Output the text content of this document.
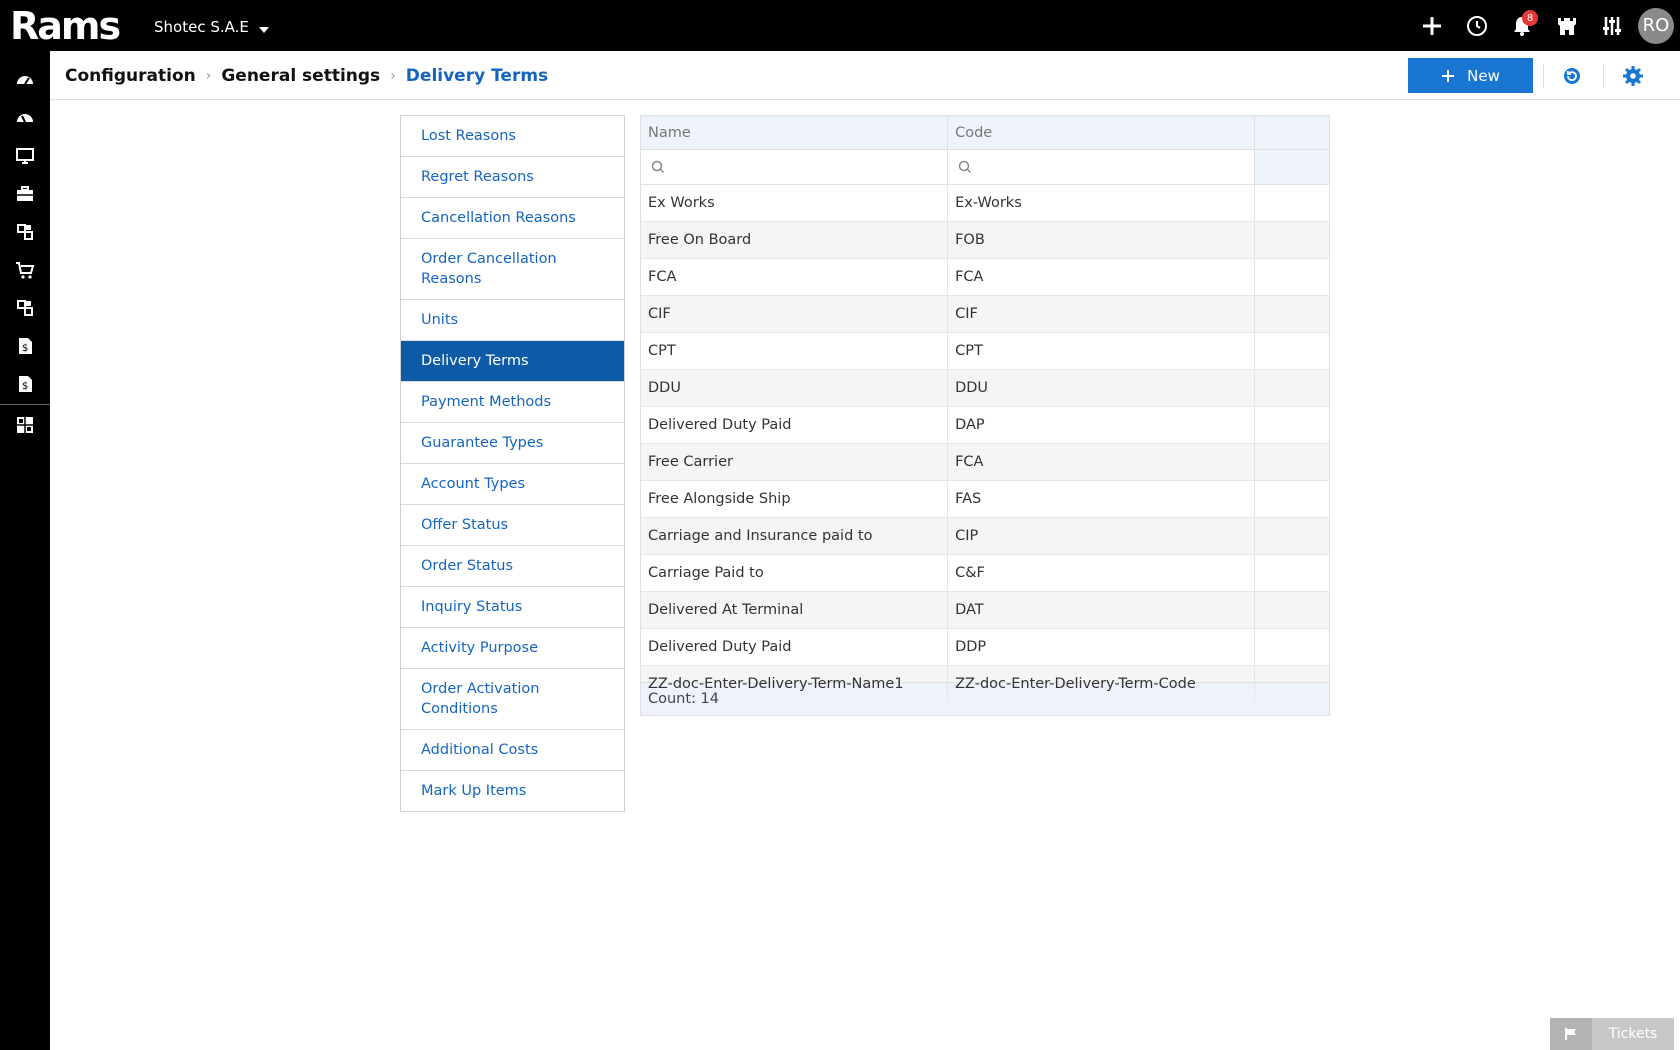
Rams Shotec S.A.E	8	RO
$
$
Configuration › General settings › Delivery Terms	New
Lost Reasons
Regret Reasons
Cancellation Reasons
Order Cancellation Reasons
Units
Delivery Terms
Payment Methods
Guarantee Types
Account Types
Offer Status
Order Status
Inquiry Status
Activity Purpose
Order Activation Conditions
Additional Costs
Mark Up Items
Name	Code
Ex Works	Ex-Works
Free On Board	FOB
FCA	FCA
CIF	CIF
CPT	CPT
DDU	DDU
Delivered Duty Paid	DAP
Free Carrier	FCA
Free Alongside Ship	FAS
Carriage and Insurance paid to	CIP
Carriage Paid to	C&F
Delivered At Terminal	DAT
Delivered Duty Paid	DDP
ZZ-doc-Enter-Delivery-Term-Name1	ZZ-doc-Enter-Delivery-Term-Code
Count: 14
Tickets
